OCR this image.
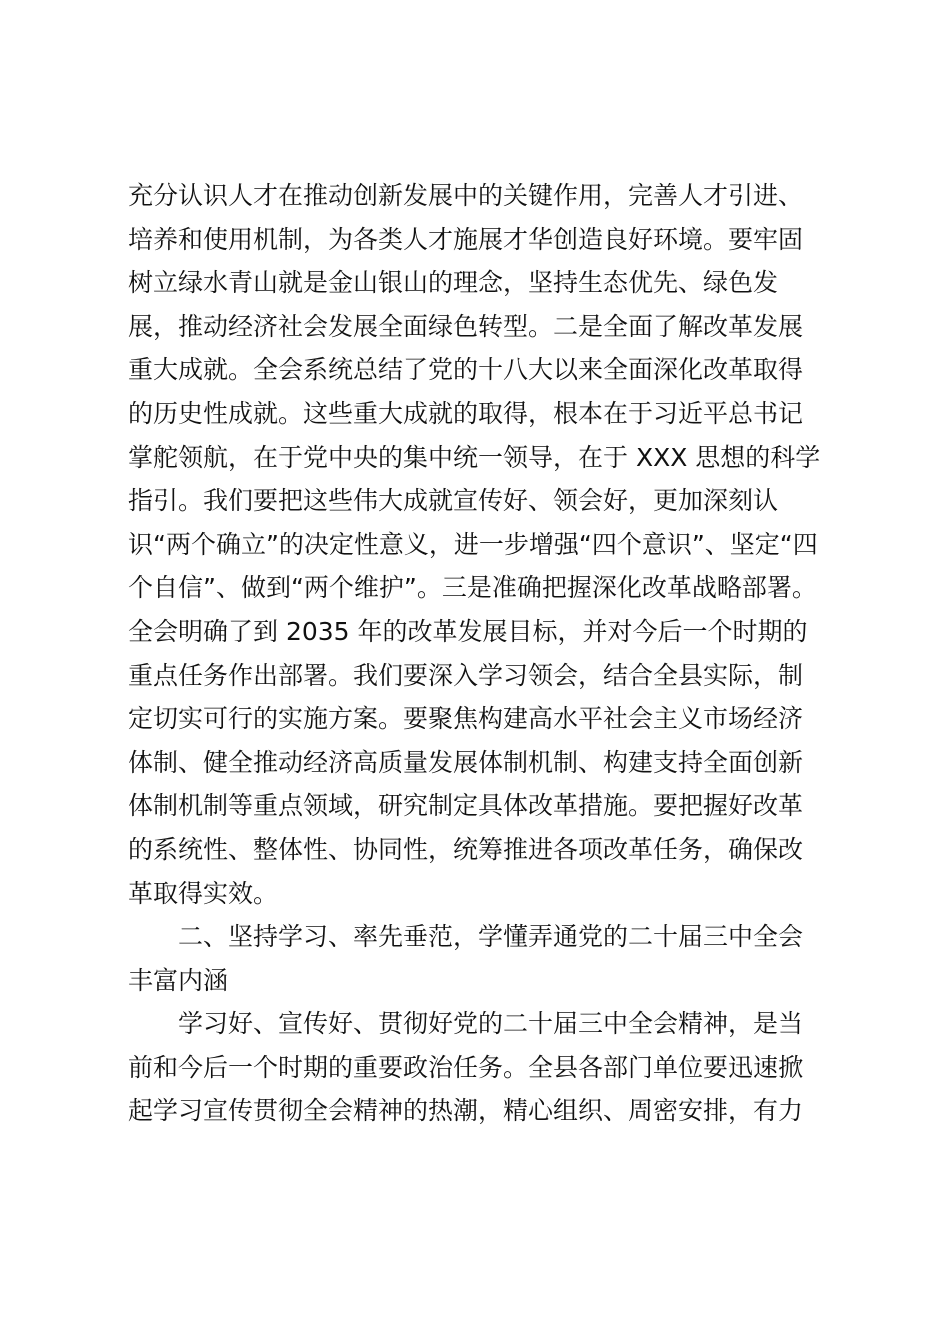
充分认识人才在推动创新发展中的关键作用，完善人才引进、
培养和使用机制，为各类人才施展才华创造良好环境。要牢固
树立绿水青山就是金山银山的理念，坚持生态优先、绿色发
展，推动经济社会发展全面绿色转型。二是全面了解改革发展
重大成就。全会系统总结了党的十八大以来全面深化改革取得
的历史性成就。这些重大成就的取得，根本在于习近平总书记
掌舵领航，在于党中央的集中统一领导，在于 XXX 思想的科学
指引。我们要把这些伟大成就宣传好、领会好，更加深刻认
识“两个确立”的决定性意义，进一步增强“四个意识”、坚定“四
个自信”、做到“两个维护”。三是准确把握深化改革战略部署。
全会明确了到 2035 年的改革发展目标，并对今后一个时期的
重点任务作出部署。我们要深入学习领会，结合全县实际，制
定切实可行的实施方案。要聚焦构建高水平社会主义市场经济
体制、健全推动经济高质量发展体制机制、构建支持全面创新
体制机制等重点领域，研究制定具体改革措施。要把握好改革
的系统性、整体性、协同性，统筹推进各项改革任务，确保改
革取得实效。
二、坚持学习、率先垂范，学懂弄通党的二十届三中全会
丰富内涵
学习好、宣传好、贯彻好党的二十届三中全会精神，是当
前和今后一个时期的重要政治任务。全县各部门单位要迅速掀
起学习宣传贯彻全会精神的热潮，精心组织、周密安排，有力
